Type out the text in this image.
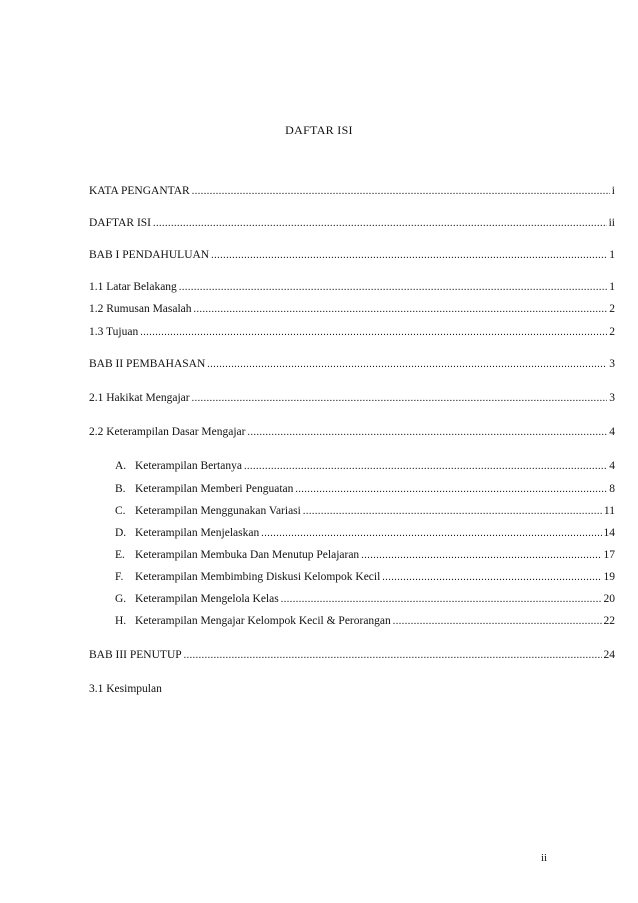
DAFTAR ISI
KATA PENGANTAR .....	i
DAFTAR ISI .....	ii
BAB I PENDAHULUAN .....	1
1.1 Latar Belakang .....	1
1.2 Rumusan Masalah .....	2
1.3 Tujuan .....	2
BAB II PEMBAHASAN .....	3
2.1 Hakikat Mengajar .....	3
2.2 Keterampilan Dasar Mengajar .....	4
A. Keterampilan Bertanya .....	4
B. Keterampilan Memberi Penguatan .....	8
C. Keterampilan Menggunakan Variasi .....	11
D. Keterampilan Menjelaskan .....	14
E. Keterampilan Membuka Dan Menutup Pelajaran .....	17
F.	Keterampilan Membimbing Diskusi Kelompok Kecil .....	19
G. Keterampilan Mengelola Kelas .....	20
H. Keterampilan Mengajar Kelompok Kecil & Perorangan .....	22
BAB III PENUTUP .....	24
3.1 Kesimpulan
ii
